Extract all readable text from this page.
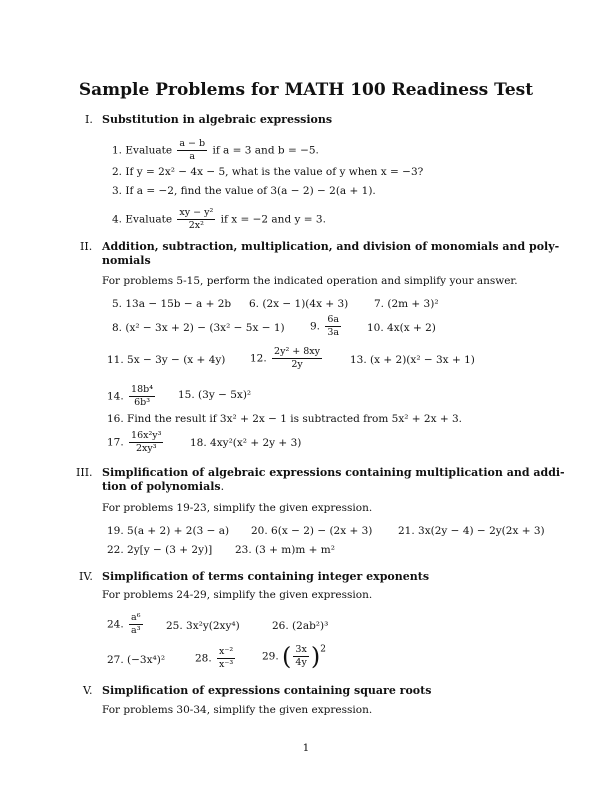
Sample Problems for MATH 100 Readiness Test
I. Substitution in algebraic expressions
1. Evaluate $\frac{a - b}{a}$ if a = 3 and b = −5.
2. If y = 2x² − 4x − 5, what is the value of y when x = −3?
3. If a = −2, find the value of 3(a − 2) − 2(a + 1).
4. Evaluate $\frac{\text{xy − y²}}{\text{2x²}}$ if x = −2 and y = 3.
II. Addition, subtraction, multiplication, and division of monomials and poly-
nomials
For problems 5-15, perform the indicated operation and simplify your answer.
5. 13a − 15b − a + 2b 6. (2x − 1)(4x + 3) 7. (2m + 3)²
8. (x² − 3x + 2) − (3x² − 5x − 1) 9. $\frac{6a}{3a} 10$. 4x(x + 2)
11. 5x − 3y − (x + 4y) 12. $\frac{\text{2y² + 8xy}}{2y}$	13. (x + 2)(x² − 3x + 1)
14. $\frac{\text{18b⁴}}{\text{6b³}} 15$. (3y − 5x)²
16. Find the result if 3x² + 2x − 1 is subtracted from 5x² + 2x + 3.
17. $\frac{\text{16x²y³}}{\text{2xy³}}$	18. 4xy²(x² + 2y + 3)
III. Simplification of algebraic expressions containing multiplication and addi-
tion of polynomials.
For problems 19-23, simplify the given expression.
19. 5(a + 2) + 2(3 − a) 20. 6(x − 2) − (2x + 3) 21. 3x(2y − 4) − 2y(2x + 3)
22. 2y[y − (3 + 2y)] 23. (3 + m)m + m²
IV. Simplification of terms containing integer exponents
For problems 24-29, simplify the given expression.
24. $\frac{\text{a⁶}}{\text{a³}} 25$. 3x²y(2xy⁴)	26. (2ab²)³
27. (−3x⁴)²	28. $\frac{\text{x⁻²}}{\text{x⁻³}}$	29. ( $\frac{3x}{4y} )2$
V. Simplification of expressions containing square roots
For problems 30-34, simplify the given expression.
1
